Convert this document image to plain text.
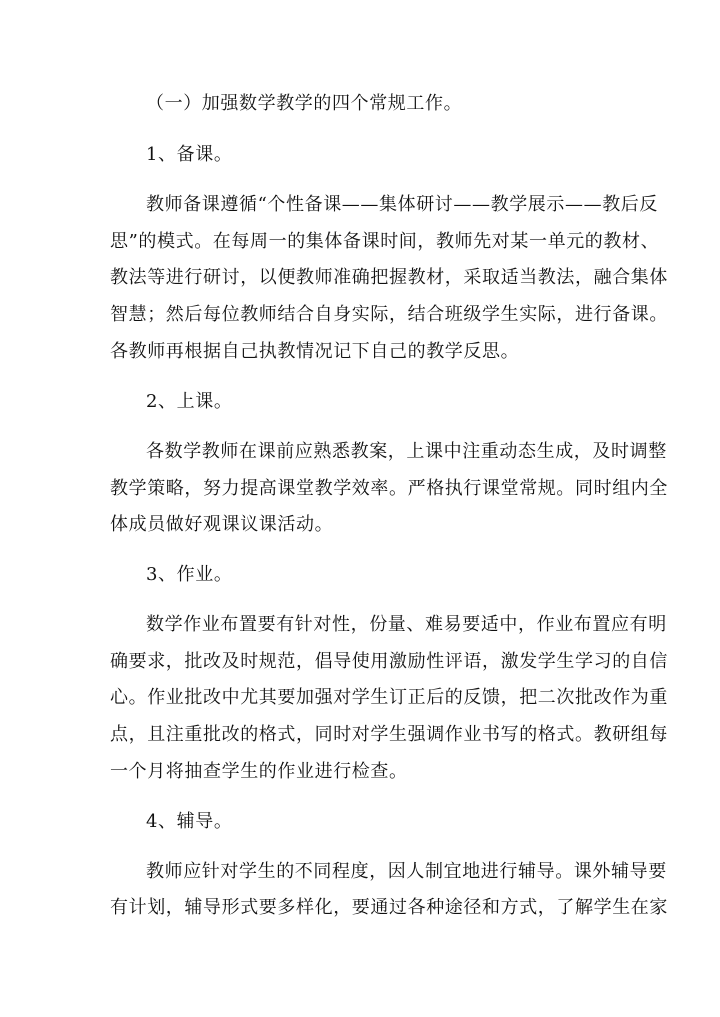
（一）加强数学教学的四个常规工作。

1、备课。

教师备课遵循“个性备课——集体研讨——教学展示——教后反

思”的模式。在每周一的集体备课时间，教师先对某一单元的教材、

教法等进行研讨，以便教师准确把握教材，采取适当教法，融合集体

智慧；然后每位教师结合自身实际，结合班级学生实际，进行备课。

各教师再根据自己执教情况记下自己的教学反思。

2、上课。

各数学教师在课前应熟悉教案，上课中注重动态生成，及时调整

教学策略，努力提高课堂教学效率。严格执行课堂常规。同时组内全

体成员做好观课议课活动。

3、作业。

数学作业布置要有针对性，份量、难易要适中，作业布置应有明

确要求，批改及时规范，倡导使用激励性评语，激发学生学习的自信

心。作业批改中尤其要加强对学生订正后的反馈，把二次批改作为重

点，且注重批改的格式，同时对学生强调作业书写的格式。教研组每

一个月将抽查学生的作业进行检查。

4、辅导。

教师应针对学生的不同程度，因人制宜地进行辅导。课外辅导要

有计划，辅导形式要多样化，要通过各种途径和方式，了解学生在家
